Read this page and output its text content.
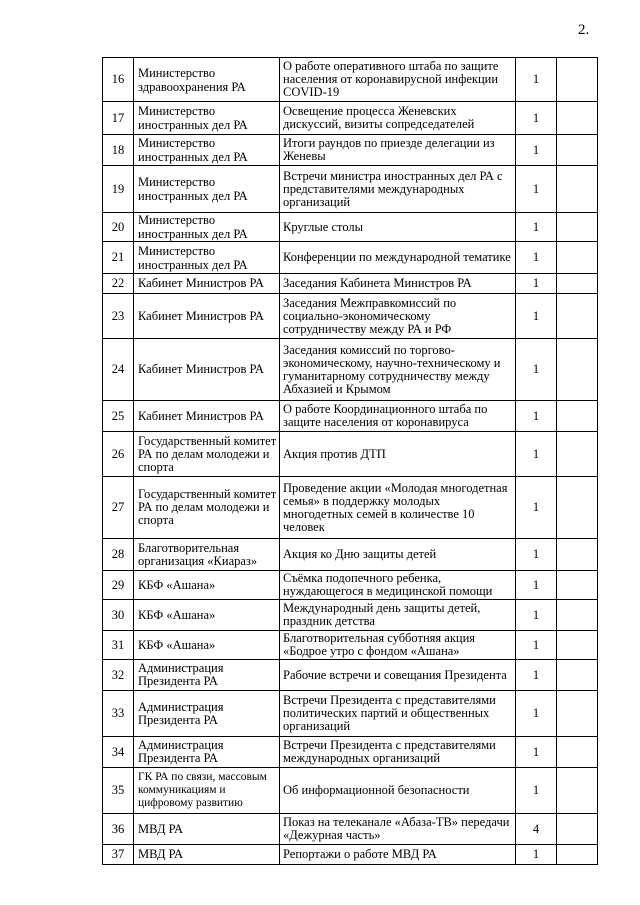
2.
16	Министерство здравоохранения РА	О работе оперативного штаба по защите населения от коронавирусной инфекции COVID-19	1	
17	Министерство иностранных дел РА	Освещение процесса Женевских дискуссий, визиты сопредседателей	1	
18	Министерство иностранных дел РА	Итоги раундов по приезде делегации из Женевы	1	
19	Министерство иностранных дел РА	Встречи министра иностранных дел РА с представителями международных организаций	1	
20	Министерство иностранных дел РА	Круглые столы	1	
21	Министерство иностранных дел РА	Конференции по международной тематике	1	
22	Кабинет Министров РА	Заседания Кабинета Министров РА	1	
23	Кабинет Министров РА	Заседания Межправкомиссий по социально-экономическому сотрудничеству между РА и РФ	1	
24	Кабинет Министров РА	Заседания комиссий по торгово-экономическому, научно-техническому и гуманитарному сотрудничеству между Абхазией и Крымом	1	
25	Кабинет Министров РА	О работе Координационного штаба по защите населения от коронавируса	1	
26	Государственный комитет РА по делам молодежи и спорта	Акция против ДТП	1	
27	Государственный комитет РА по делам молодежи и спорта	Проведение акции «Молодая многодетная семья» в поддержку молодых многодетных семей в количестве 10 человек	1	
28	Благотворительная организация «Киараз»	Акция ко Дню защиты детей	1	
29	КБФ «Ашана»	Съёмка подопечного ребенка, нуждающегося в медицинской помощи	1	
30	КБФ «Ашана»	Международный день защиты детей, праздник детства	1	
31	КБФ «Ашана»	Благотворительная субботняя акция «Бодрое утро с фондом «Ашана»	1	
32	Администрация Президента РА	Рабочие встречи и совещания Президента	1	
33	Администрация Президента РА	Встречи Президента с представителями политических партий и общественных организаций	1	
34	Администрация Президента РА	Встречи Президента с представителями международных организаций	1	
35	ГК РА по связи, массовым коммуникациям и цифровому развитию	Об информационной безопасности	1	
36	МВД РА	Показ на телеканале «Абаза-ТВ» передачи «Дежурная часть»	4	
37	МВД РА	Репортажи о работе МВД РА	1	
